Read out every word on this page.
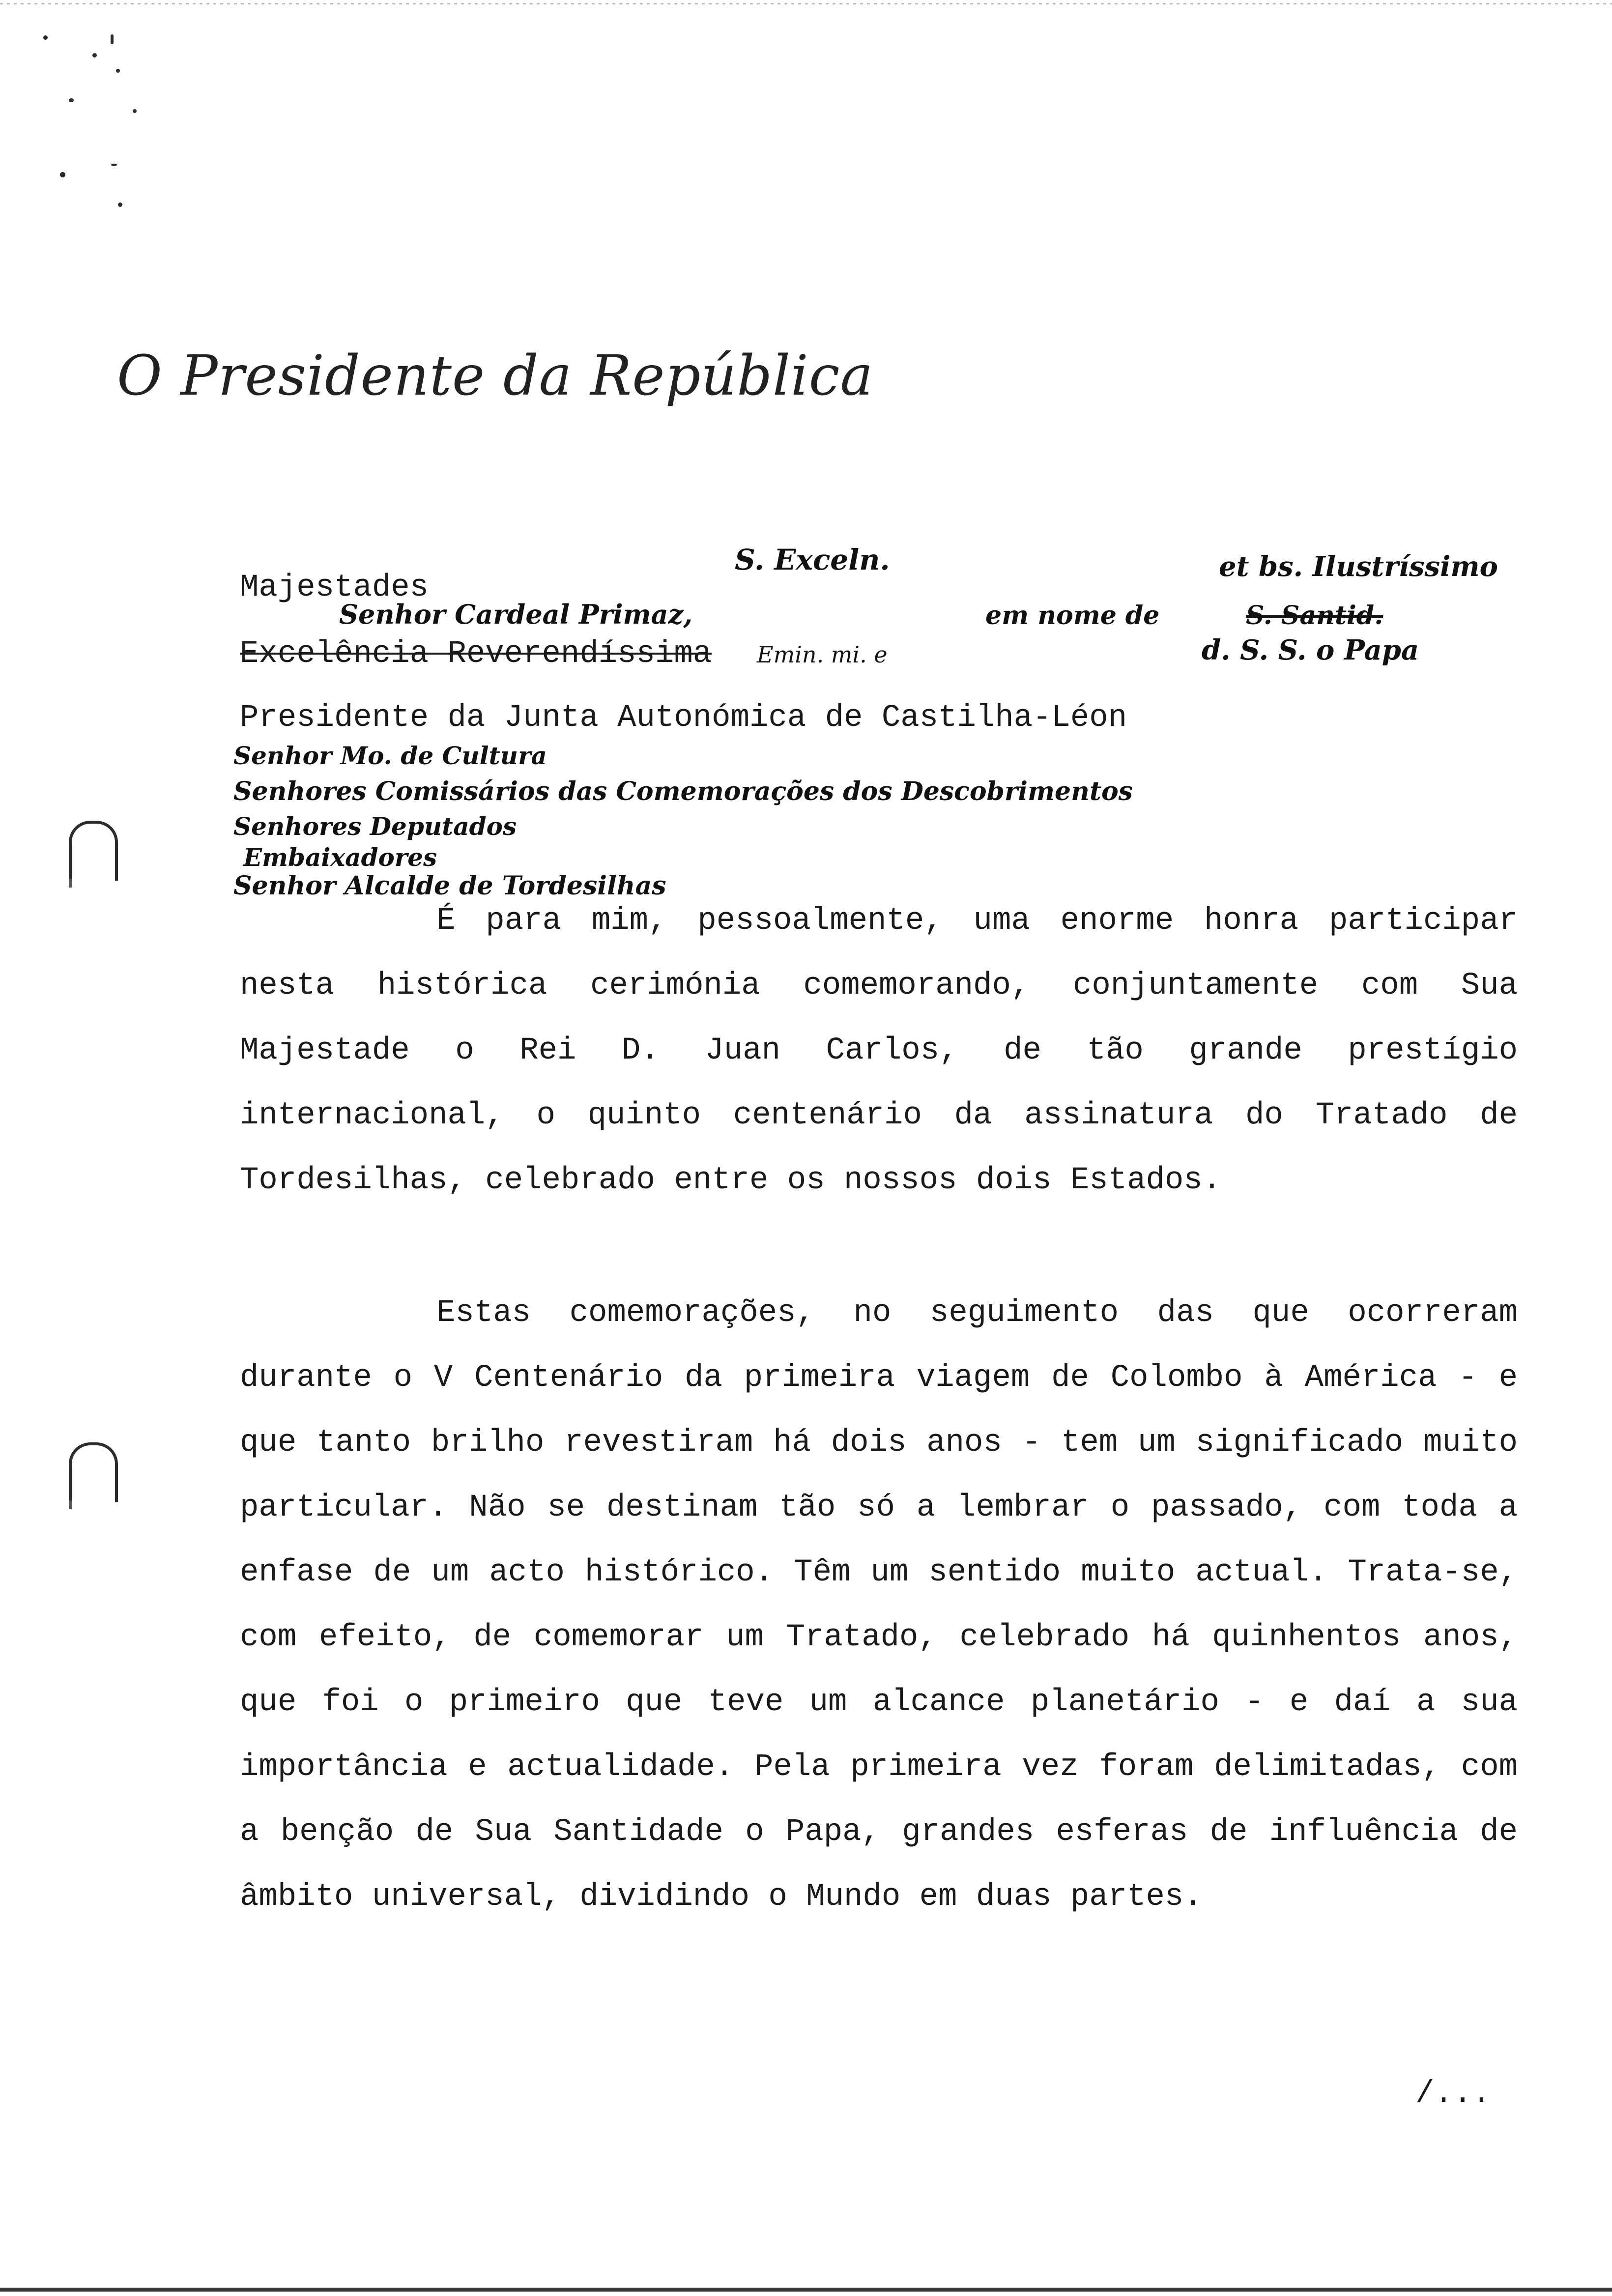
O Presidente da República
Majestades
Excelência Reverendíssima
Presidente da Junta Autonómica de Castilha-Léon
S. Exceln.	et bs. Ilustríssimo
Senhor Cardeal Primaz,	em nome de	S. Santid.
Emin. mi. e	d. S. S. o Papa
Senhor Mo. de Cultura
Senhores Comissários das Comemorações dos Descobrimentos
Senhores Deputados
Embaixadores
Senhor Alcalde de Tordesilhas
É para mim, pessoalmente, uma enorme honra participar nesta histórica cerimónia comemorando, conjuntamente com Sua Majestade o Rei D. Juan Carlos, de tão grande prestígio internacional, o quinto centenário da assinatura do Tratado de Tordesilhas, celebrado entre os nossos dois Estados.
Estas comemorações, no seguimento das que ocorreram durante o V Centenário da primeira viagem de Colombo à América - e que tanto brilho revestiram há dois anos - tem um significado muito particular. Não se destinam tão só a lembrar o passado, com toda a enfase de um acto histórico. Têm um sentido muito actual. Trata-se, com efeito, de comemorar um Tratado, celebrado há quinhentos anos, que foi o primeiro que teve um alcance planetário - e daí a sua importância e actualidade. Pela primeira vez foram delimitadas, com a benção de Sua Santidade o Papa, grandes esferas de influência de âmbito universal, dividindo o Mundo em duas partes.
/...
